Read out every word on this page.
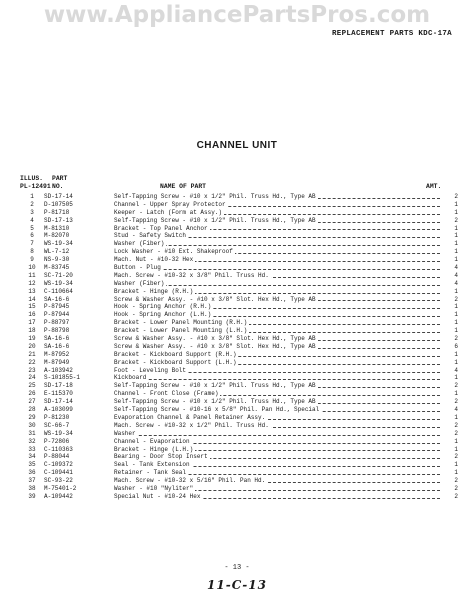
www.AppliancePartsPros.com
REPLACEMENT PARTS KDC-17A
CHANNEL UNIT
ILLUS. PART
PL-12491 NO.	NAME OF PART	AMT.
1	SD-17-14	Self-Tapping Screw - #10 x 1/2" Phil. Truss Hd., Type AB	2
2	D-107505	Channel - Upper Spray Protector	1
3	P-81718	Keeper - Latch (Form at Assy.)	1
4	SD-17-13	Self-Tapping Screw - #10 x 1/2" Phil. Truss Hd., Type AB	2
5	M-81310	Bracket - Top Panel Anchor	1
6	M-82070	Stud - Safety Switch	1
7	WS-19-34	Washer (Fiber)	1
8	WL-7-12	Lock Washer - #10 Ext. Shakeproof	1
9	NS-9-30	Mach. Nut - #10-32 Hex	1
10	M-83745	Button - Plug	4
11	SC-71-20	Mach. Screw - #10-32 x 3/8" Phil. Truss Hd.	4
12	WS-19-34	Washer (Fiber)	4
13	C-110664	Bracket - Hinge (R.H.)	1
14	SA-16-6	Screw & Washer Assy. - #10 x 3/8" Slot. Hex Hd., Type AB	2
15	P-87945	Hook - Spring Anchor (R.H.)	1
16	P-87944	Hook - Spring Anchor (L.H.)	1
17	P-88797	Bracket - Lower Panel Mounting (R.H.)	1
18	P-88798	Bracket - Lower Panel Mounting (L.H.)	1
19	SA-16-6	Screw & Washer Assy. - #10 x 3/8" Slot. Hex Hd., Type AB	2
20	SA-16-6	Screw & Washer Assy. - #10 x 3/8" Slot. Hex Hd., Type AB	6
21	M-87952	Bracket - Kickboard Support (R.H.)	1
22	M-87949	Bracket - Kickboard Support (L.H.)	1
23	A-103942	Foot - Leveling Bolt	4
24	S-101855-1	Kickboard	1
25	SD-17-18	Self-Tapping Screw - #10 x 1/2" Phil. Truss Hd., Type AB	2
26	E-115370	Channel - Front Close (Frame)	1
27	SD-17-14	Self-Tapping Screw - #10 x 1/2" Phil. Truss Hd., Type AB	2
28	A-103099	Self-Tapping Screw - #10-16 x 5/8" Phil. Pan Hd., Special	4
29	P-81230	Evaporation Channel & Panel Retainer Assy.	1
30	SC-66-7	Mach. Screw - #10-32 x 1/2" Phil. Truss Hd.	2
31	WS-19-34	Washer	2
32	P-72806	Channel - Evaporation	1
33	C-110363	Bracket - Hinge (L.H.)	1
34	P-88044	Bearing - Door Stop Insert	2
35	C-109372	Seal - Tank Extension	1
36	C-109441	Retainer - Tank Seal	1
37	SC-93-22	Mach. Screw - #10-32 x 5/16" Phil. Pan Hd.	2
38	M-75401-2	Washer - #10 "Nyliter"	2
39	A-109442	Special Nut - #10-24 Hex	2
- 13 -
11-C-13
